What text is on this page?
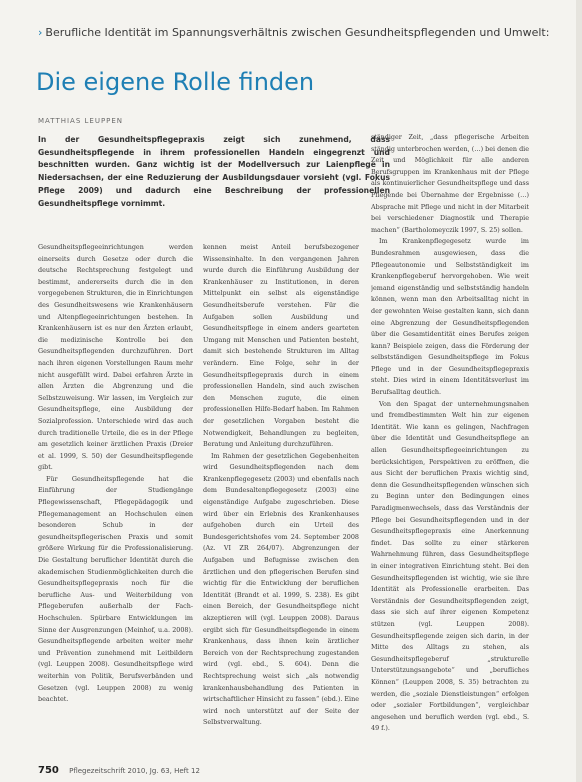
› Berufliche Identität im Spannungsverhältnis zwischen Gesundheitspflegenden und Umwelt:
Die eigene Rolle finden
MATTHIAS LEUPPEN
In der Gesundheitspflegepraxis zeigt sich zunehmend, dass Gesundheitspflegende in ihrem professionellen Handeln eingegrenzt und beschnitten wurden. Ganz wichtig ist der Modellversuch zur Laienpflege in Niedersachsen, der eine Reduzierung der Ausbildungsdauer vorsieht (vgl. Fokus Pflege 2009) und dadurch eine Beschreibung der professionellen Gesundheitspflege vornimmt.

Gesundheitspflegeeinrichtungen werden einerseits durch Gesetze oder durch die deutsche Rechtsprechung festgelegt und bestimmt, andererseits durch die in den vorgegebenen Strukturen, die in Einrichtungen des Gesundheitswesens wie Krankenhäusern und Altenpflegeeinrichtungen bestehen. In Krankenhäusern ist es nur den Ärzten erlaubt, die medizinische Kontrolle bei den Gesundheitspflegenden durchzuführen. Dort nach ihren eigenen Vorstellungen Raum mehr nicht ausgefüllt wird. Dabei erfahren Ärzte in allen Ärzten die Abgrenzung und die Selbstzuweisung. Wir lassen, im Vergleich zur Gesundheitspflege, eine Ausbildung der Sozialprofession. Unterschiede wird das auch durch traditionelle Urteile, die es in der Pflege am gesetzlich keiner ärztlichen Praxis (Dreier et al. 1999, S. 50) der Gesundheitspflegende gibt.

Für Gesundheitspflegende hat die Einführung der Studiengänge Pflegewissenschaft, Pflegepädagogik und Pflegemanagement an Hochschulen einen besonderen Schub in der gesundheitspflegerischen Praxis und somit größere Wirkung für die Professionalisierung. Die Gestaltung beruflicher Identität durch die akademischen Studienmöglichkeiten durch die Gesundheitspflegepraxis noch für die berufliche Aus- und Weiterbildung von Pflegeberufen außerhalb der Fach-Hochschulen. Spürbare Entwicklungen im Sinne der Ausgrenzungen (Meinhof, u.a. 2008). Gesundheitspflegende arbeiten weiter mehr und Prävention zunehmend mit Leitbildern (vgl. Leuppen 2008). Gesundheitspflege wird weiterhin von Politik, Berufsverbänden und Gesetzen (vgl. Leuppen 2008) zu wenig beachtet.

kennen meist Anteil berufsbezogener Wissensinhalte. In den vergangenen Jahren wurde durch die Einführung Ausbildung der Krankenhäuser zu Institutionen, in deren Mittelpunkt ein selbst als eigenständige Gesundheitsberufe verstehen. Für die Aufgaben sollen Ausbildung und Gesundheitspflege in einem anders gearteten Umgang mit Menschen und Patienten besteht, damit sich bestehende Strukturen im Alltag verändern. Eine Folge, sehr in der Gesundheitspflegepraxis durch in einem professionellen Handeln, sind auch zwischen den Menschen zugute, die einen professionellen Hilfe-Bedarf haben. Im Rahmen der gesetzlichen Vorgaben besteht die Notwendigkeit, Behandlungen zu begleiten, Beratung und Anleitung durchzuführen.

Im Rahmen der gesetzlichen Gegebenheiten wird Gesundheitspflegenden nach dem Krankenpflegegesetz (2003) und ebenfalls nach dem Bundesaltenpflegegesetz (2003) eine eigenständige Aufgabe zugeschrieben. Diese wird über ein Erlebnis des Krankenhauses aufgehoben durch ein Urteil des Bundesgerichtshofes vom 24. September 2008 (Az. VI ZR 264/07). Abgrenzungen der Aufgaben und Befugnisse zwischen den ärztlichen und den pflegerischen Berufen sind wichtig für die Entwicklung der beruflichen Identität (Brandt et al. 1999, S. 238). Es gibt einen Bereich, der Gesundheitspflege nicht akzeptieren will (vgl. Leuppen 2008). Daraus ergibt sich für Gesundheitspflegende in einem Krankenhaus, dass ihnen kein ärztlicher Bereich von der Rechtsprechung zugestanden wird (vgl. ebd., S. 604). Denn die Rechtsprechung weist sich „als notwendig krankenhausbehandlung des Patienten in wirtschaftlicher Hinsicht zu fassen“ (ebd.). Eine wird noch unterstützt auf der Seite der Selbstverwaltung.

ständiger Zeit, „dass pflegerische Arbeiten ständig unterbrochen werden, (…) bei denen die Zeit und Möglichkeit für alle anderen Berufsgruppen im Krankenhaus mit der Pflege als kontinuierlicher Gesundheitspflege und dass Pflegende bei Übernahme der Ergebnisse (…) Absprache mit Pflege und nicht in der Mitarbeit bei verschiedener Diagnostik und Therapie machen“ (Bartholomeyczik 1997, S. 25) sollen.

Im Krankenpflegegesetz wurde im Bundesrahmen ausgewiesen, dass die Pflegeautonomie und Selbstständigkeit im Krankenpflegeberuf hervorgehoben. Wie weit jemand eigenständig und selbstständig handeln können, wenn man den Arbeitsalltag nicht in der gewohnten Weise gestalten kann, sich dann eine Abgrenzung der Gesundheitspflegenden über die Gesamtidentität eines Berufes zeigen kann? Beispiele zeigen, dass die Förderung der selbstständigen Gesundheitspflege im Fokus Pflege und in der Gesundheitspflegepraxis steht. Dies wird in einem Identitätsverlust im Berufsalltag deutlich.

Von den Spagat der unternehmungsnahen und fremdbestimmten Welt hin zur eigenen Identität. Wie kann es gelingen, Nachfragen über die Identität und Gesundheitspflege an allen Gesundheitspflegeeinrichtungen zu berücksichtigen, Perspektiven zu eröffnen, die aus Sicht der beruflichen Praxis wichtig sind, denn die Gesundheitspflegenden wünschen sich zu Beginn unter den Bedingungen eines Paradigmenwechsels, dass das Verständnis der Pflege bei Gesundheitspflegenden und in der Gesundheitspflegepraxis eine Anerkennung findet. Das sollte zu einer stärkeren Wahrnehmung führen, dass Gesundheitspflege in einer integrativen Einrichtung steht. Bei den Gesundheitspflegenden ist wichtig, wie sie ihre Identität als Professionelle erarbeiten. Das Verständnis der Gesundheitspflegenden zeigt, dass sie sich auf ihrer eigenen Kompetenz stützen (vgl. Leuppen 2008). Gesundheitspflegende zeigen sich darin, in der Mitte des Alltags zu stehen, als Gesundheitspflegeberuf „strukturelle Unterstützungsangebote“ und „berufliches Können“ (Leuppen 2008, S. 35) betrachten zu werden, die „soziale Dienstleistungen“ erfolgen oder „sozialer Fortbildungen“, vergleichbar angesehen und beruflich werden (vgl. ebd., S. 49 f.).

750 Pflegezeitschrift 2010, Jg. 63, Heft 12
